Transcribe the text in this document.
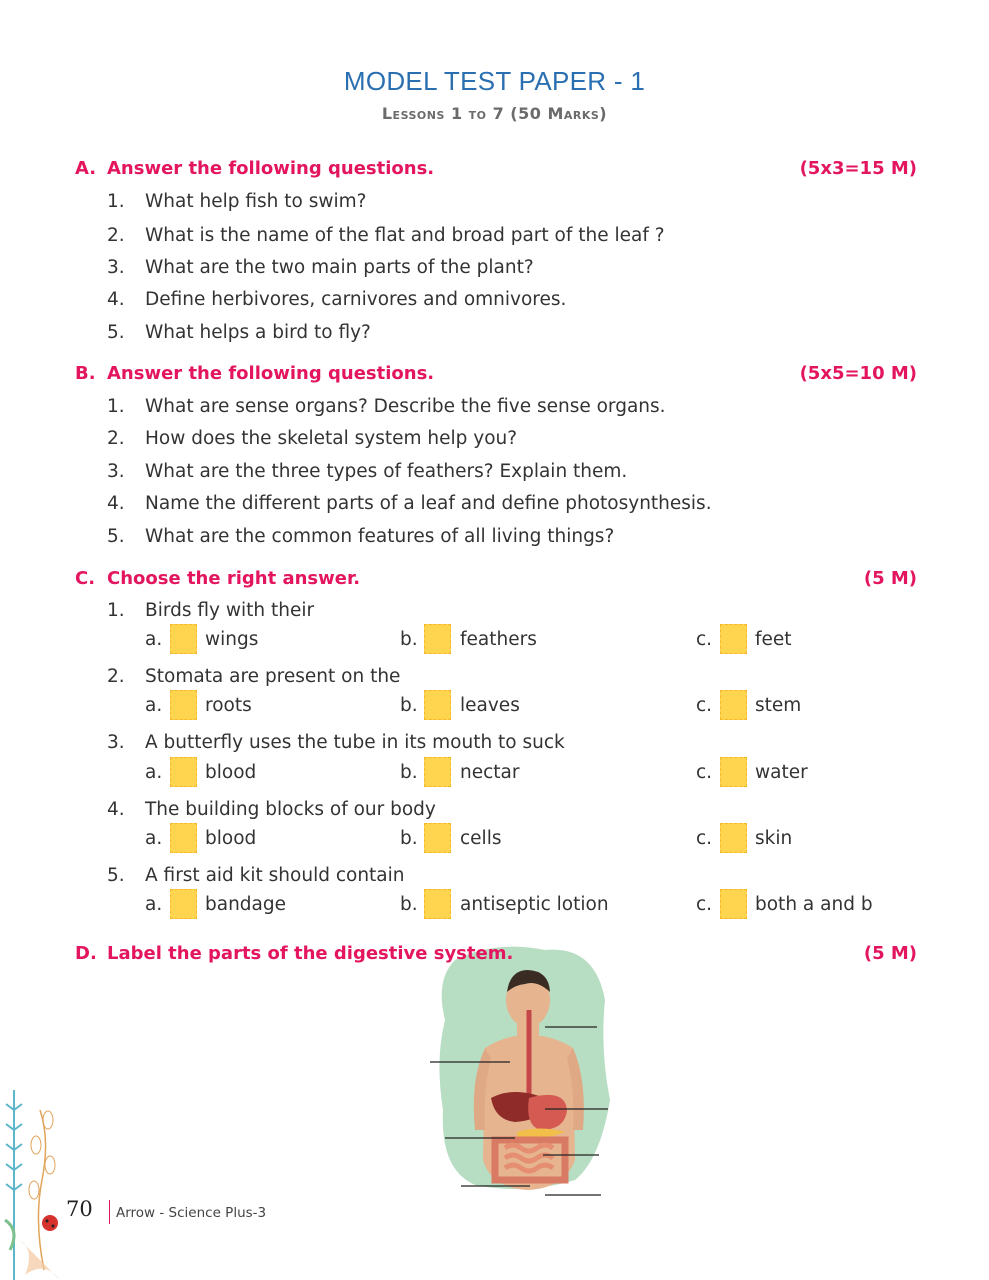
MODEL TEST PAPER - 1
Lessons 1 to 7 (50 Marks)
A. Answer the following questions.	(5x3=15 M)
1. What help fish to swim?
2. What is the name of the flat and broad part of the leaf ?
3. What are the two main parts of the plant?
4. Define herbivores, carnivores and omnivores.
5. What helps a bird to fly?
B. Answer the following questions.	(5x5=10 M)
1. What are sense organs? Describe the five sense organs.
2. How does the skeletal system help you?
3. What are the three types of feathers? Explain them.
4. Name the different parts of a leaf and define photosynthesis.
5. What are the common features of all living things?
C. Choose the right answer.	(5 M)
1. Birds fly with their
a.	wings	b.	feathers	c.	feet
2. Stomata are present on the
a.	roots	b.	leaves	c.	stem
3. A butterfly uses the tube in its mouth to suck
a.	blood	b.	nectar	c.	water
4. The building blocks of our body
a.	blood	b.	cells	c.	skin
5. A first aid kit should contain
a.	bandage	b.	antiseptic lotion	c.	both a and b
D. Label the parts of the digestive system.	(5 M)
70 Arrow - Science Plus-3
